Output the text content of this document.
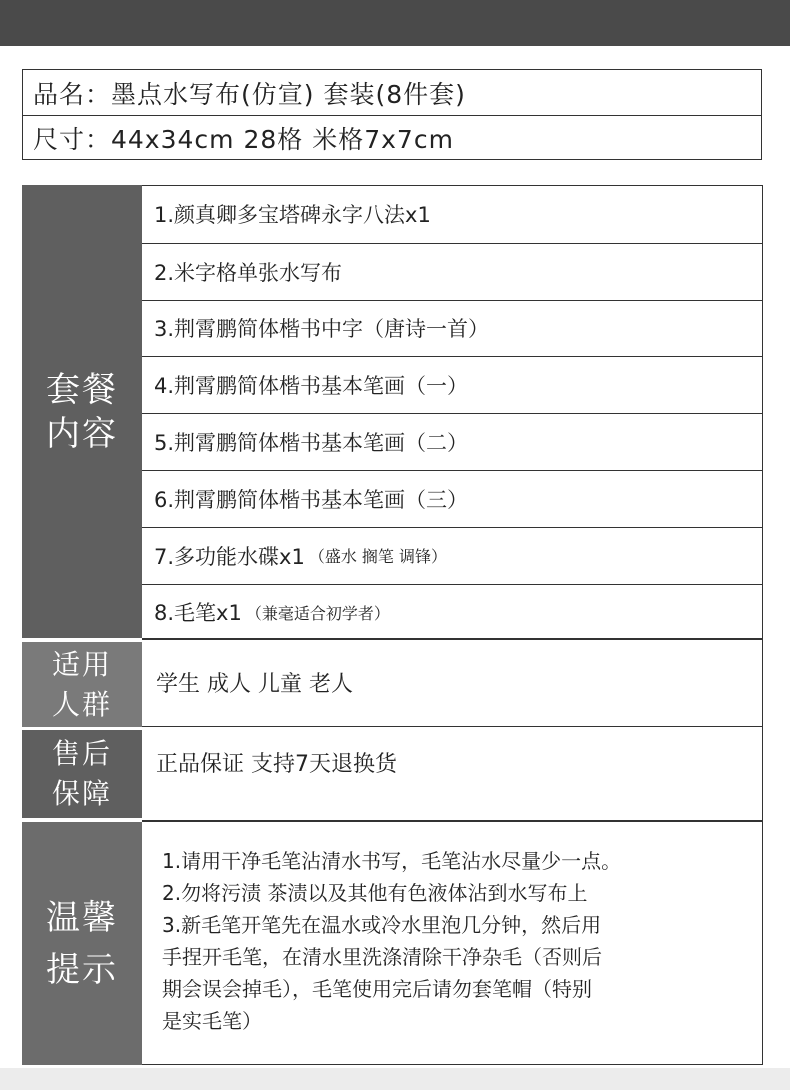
品名：墨点水写布(仿宣) 套装(8件套)
尺寸：44x34cm 28格 米格7x7cm
套餐
内容
1.颜真卿多宝塔碑永字八法x1
2.米字格单张水写布
3.荆霄鹏简体楷书中字（唐诗一首）
4.荆霄鹏简体楷书基本笔画（一）
5.荆霄鹏简体楷书基本笔画（二）
6.荆霄鹏简体楷书基本笔画（三）
7.多功能水碟x1 （盛水 搁笔 调锋）
8.毛笔x1 （兼毫适合初学者）
适用
人群
学生 成人 儿童 老人
售后
保障
正品保证 支持7天退换货
温馨
提示

1.请用干净毛笔沾清水书写，毛笔沾水尽量少一点。

2.勿将污渍 茶渍以及其他有色液体沾到水写布上

3.新毛笔开笔先在温水或冷水里泡几分钟，然后用

手捏开毛笔，在清水里洗涤清除干净杂毛（否则后

期会误会掉毛），毛笔使用完后请勿套笔帽（特别

是实毛笔）
